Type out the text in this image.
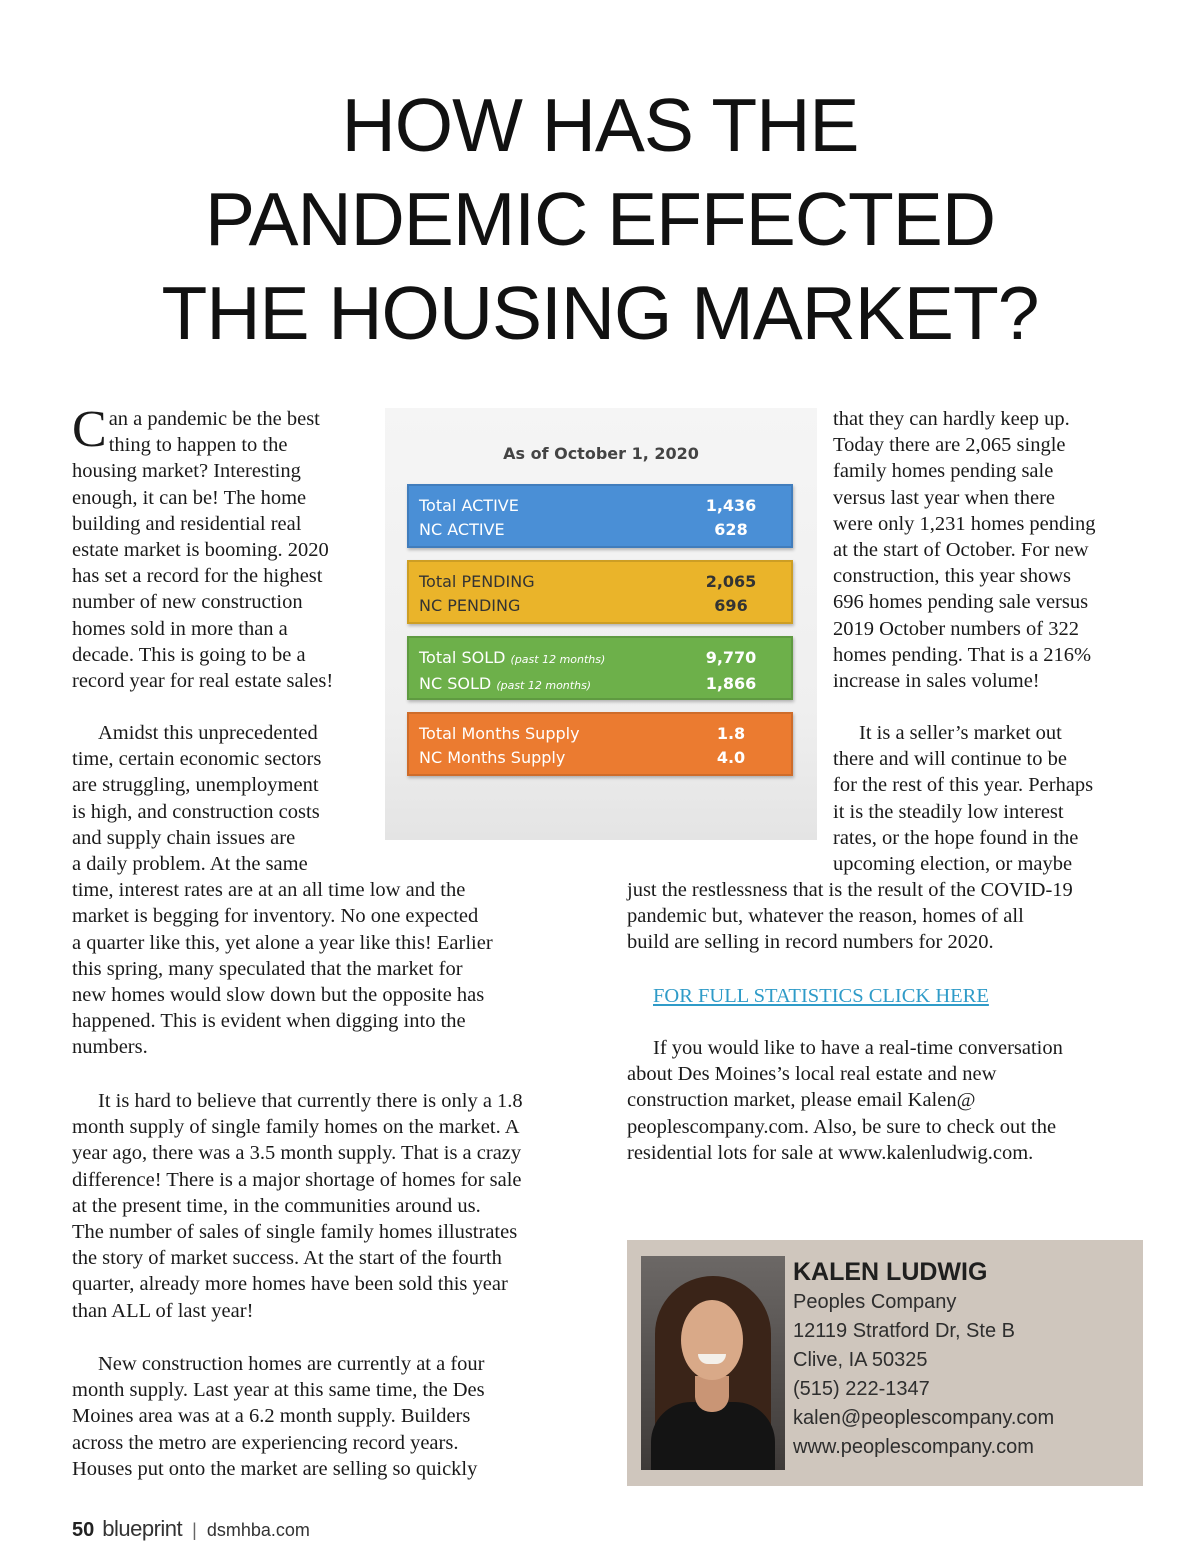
HOW HAS THE
PANDEMIC EFFECTED
THE HOUSING MARKET?
C an a pandemic be the best
thing to happen to the
housing market? Interesting
enough, it can be! The home
building and residential real
estate market is booming. 2020
has set a record for the highest
number of new construction
homes sold in more than a
decade. This is going to be a
record year for real estate sales!
Amidst this unprecedented
time, certain economic sectors
are struggling, unemployment
is high, and construction costs
and supply chain issues are
a daily problem. At the same
time, interest rates are at an all time low and the
market is begging for inventory. No one expected
a quarter like this, yet alone a year like this! Earlier
this spring, many speculated that the market for
new homes would slow down but the opposite has
happened. This is evident when digging into the
numbers.
It is hard to believe that currently there is only a 1.8
month supply of single family homes on the market. A
year ago, there was a 3.5 month supply. That is a crazy
difference! There is a major shortage of homes for sale
at the present time, in the communities around us.
The number of sales of single family homes illustrates
the story of market success. At the start of the fourth
quarter, already more homes have been sold this year
than ALL of last year!
New construction homes are currently at a four
month supply. Last year at this same time, the Des
Moines area was at a 6.2 month supply. Builders
across the metro are experiencing record years.
Houses put onto the market are selling so quickly
As of October 1, 2020
Total ACTIVE	1,436
NC ACTIVE	628
Total PENDING	2,065
NC PENDING	696
Total SOLD (past 12 months)	9,770
NC SOLD (past 12 months)	1,866
Total Months Supply	1.8
NC Months Supply	4.0
that they can hardly keep up.
Today there are 2,065 single
family homes pending sale
versus last year when there
were only 1,231 homes pending
at the start of October. For new
construction, this year shows
696 homes pending sale versus
2019 October numbers of 322
homes pending. That is a 216%
increase in sales volume!
It is a seller’s market out
there and will continue to be
for the rest of this year. Perhaps
it is the steadily low interest
rates, or the hope found in the
upcoming election, or maybe
just the restlessness that is the result of the COVID-19
pandemic but, whatever the reason, homes of all
build are selling in record numbers for 2020.
FOR FULL STATISTICS CLICK HERE
If you would like to have a real-time conversation
about Des Moines’s local real estate and new
construction market, please email Kalen@
peoplescompany.com. Also, be sure to check out the
residential lots for sale at www.kalenludwig.com.
KALEN LUDWIG
Peoples Company
12119 Stratford Dr, Ste B
Clive, IA 50325
(515) 222-1347
kalen@peoplescompany.com
www.peoplescompany.com
50 blueprint | dsmhba.com
